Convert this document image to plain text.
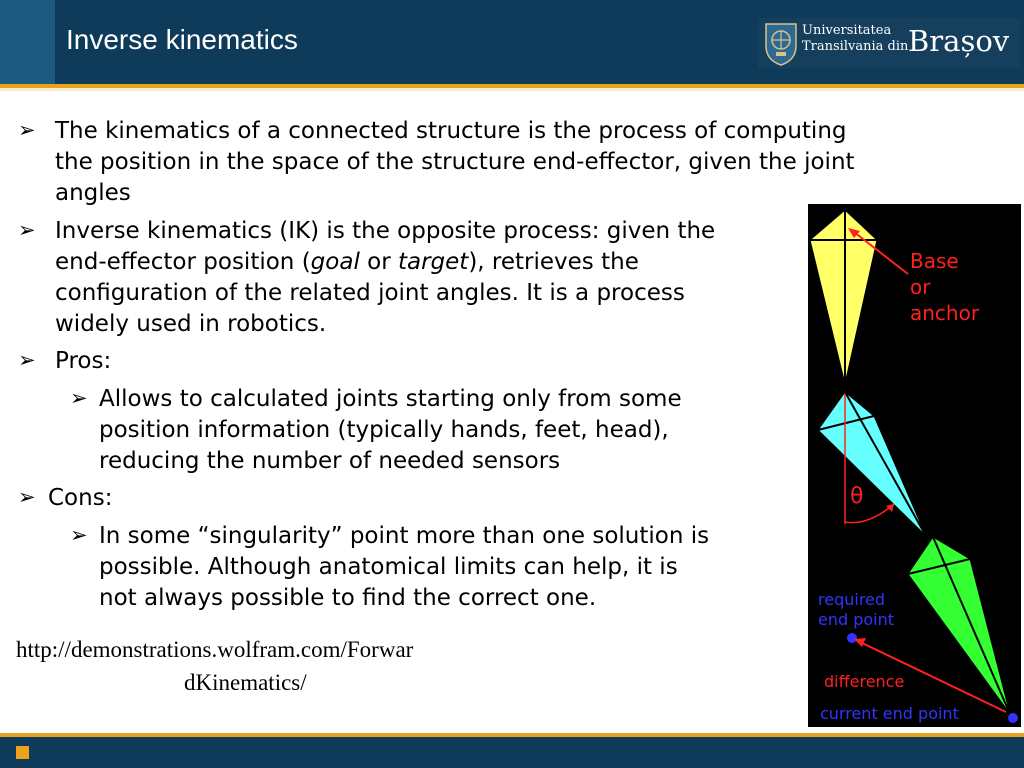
Inverse kinematics	Universitatea
Transilvania din Brașov
➢ The kinematics of a connected structure is the process of computing
the position in the space of the structure end-effector, given the joint
angles
➢ Inverse kinematics (IK) is the opposite process: given the
end-effector position (goal or target), retrieves the
configuration of the related joint angles. It is a process
widely used in robotics.
➢ Pros:
➢ Allows to calculated joints starting only from some
position information (typically hands, feet, head),
reducing the number of needed sensors
➢ Cons:
➢ In some “singularity” point more than one solution is
possible. Although anatomical limits can help, it is
not always possible to find the correct one.
http://demonstrations.wolfram.com/Forwar
dKinematics/
Base
or
anchor
θ
required
end point
difference
current end point
